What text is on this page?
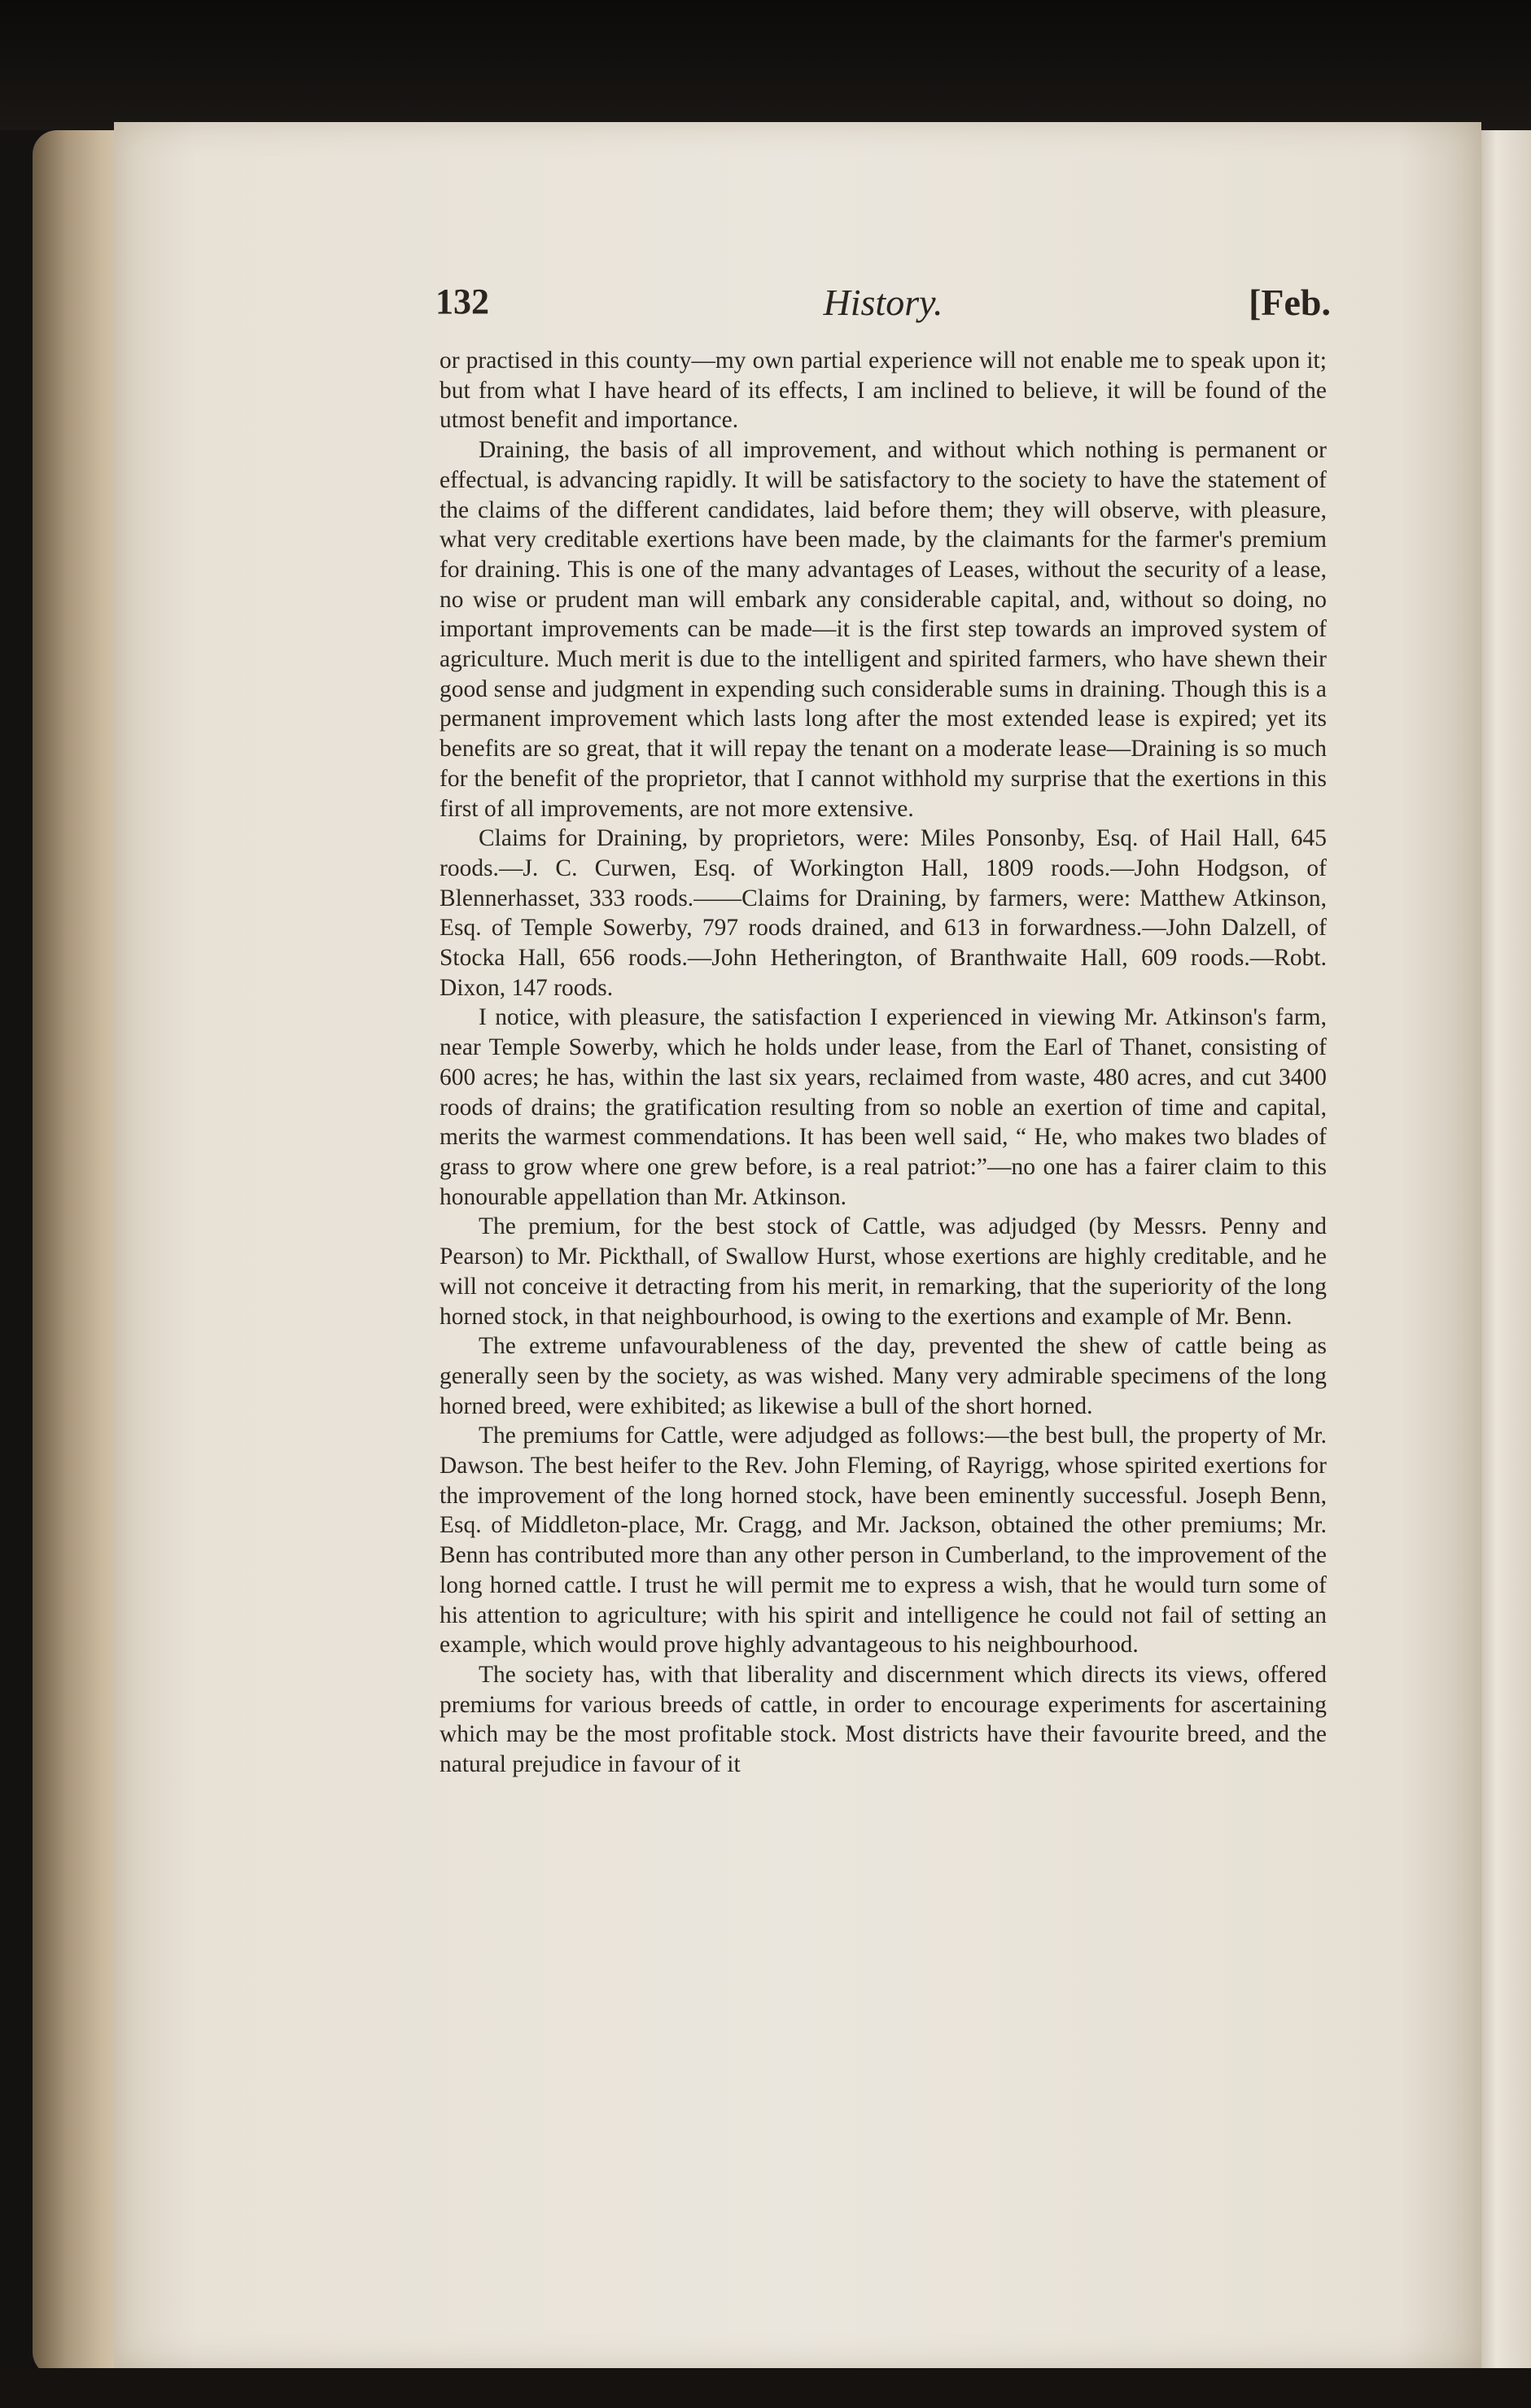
132	History.	[Feb.

or practised in this county—my own partial experience will not enable me to speak upon it; but from what I have heard of its effects, I am inclined to believe, it will be found of the utmost benefit and importance.

Draining, the basis of all improvement, and without which nothing is permanent or effectual, is advancing rapidly. It will be satisfactory to the society to have the statement of the claims of the different candidates, laid before them; they will observe, with pleasure, what very creditable exertions have been made, by the claimants for the farmer's premium for draining. This is one of the many advantages of Leases, without the security of a lease, no wise or prudent man will embark any considerable capital, and, without so doing, no important improvements can be made—it is the first step towards an improved system of agriculture. Much merit is due to the intelligent and spirited farmers, who have shewn their good sense and judgment in expending such considerable sums in draining. Though this is a permanent improvement which lasts long after the most extended lease is expired; yet its benefits are so great, that it will repay the tenant on a moderate lease—Draining is so much for the benefit of the proprietor, that I cannot withhold my surprise that the exertions in this first of all improvements, are not more extensive.

Claims for Draining, by proprietors, were: Miles Ponsonby, Esq. of Hail Hall, 645 roods.—J. C. Curwen, Esq. of Workington Hall, 1809 roods.—John Hodgson, of Blennerhasset, 333 roods.——Claims for Draining, by farmers, were: Matthew Atkinson, Esq. of Temple Sowerby, 797 roods drained, and 613 in forwardness.—John Dalzell, of Stocka Hall, 656 roods.—John Hetherington, of Branthwaite Hall, 609 roods.—Robt. Dixon, 147 roods.

I notice, with pleasure, the satisfaction I experienced in viewing Mr. Atkinson's farm, near Temple Sowerby, which he holds under lease, from the Earl of Thanet, consisting of 600 acres; he has, within the last six years, reclaimed from waste, 480 acres, and cut 3400 roods of drains; the gratification resulting from so noble an exertion of time and capital, merits the warmest commendations. It has been well said, “ He, who makes two blades of grass to grow where one grew before, is a real patriot:”—no one has a fairer claim to this honourable appellation than Mr. Atkinson.

The premium, for the best stock of Cattle, was adjudged (by Messrs. Penny and Pearson) to Mr. Pickthall, of Swallow Hurst, whose exertions are highly creditable, and he will not conceive it detracting from his merit, in remarking, that the superiority of the long horned stock, in that neighbourhood, is owing to the exertions and example of Mr. Benn.

The extreme unfavourableness of the day, prevented the shew of cattle being as generally seen by the society, as was wished. Many very admirable specimens of the long horned breed, were exhibited; as likewise a bull of the short horned.

The premiums for Cattle, were adjudged as follows:—the best bull, the property of Mr. Dawson. The best heifer to the Rev. John Fleming, of Rayrigg, whose spirited exertions for the improvement of the long horned stock, have been eminently successful. Joseph Benn, Esq. of Middleton-place, Mr. Cragg, and Mr. Jackson, obtained the other premiums; Mr. Benn has contributed more than any other person in Cumberland, to the improvement of the long horned cattle. I trust he will permit me to express a wish, that he would turn some of his attention to agriculture; with his spirit and intelligence he could not fail of setting an example, which would prove highly advantageous to his neighbourhood.

The society has, with that liberality and discernment which directs its views, offered premiums for various breeds of cattle, in order to encourage experiments for ascertaining which may be the most profitable stock. Most districts have their favourite breed, and the natural prejudice in favour of it
